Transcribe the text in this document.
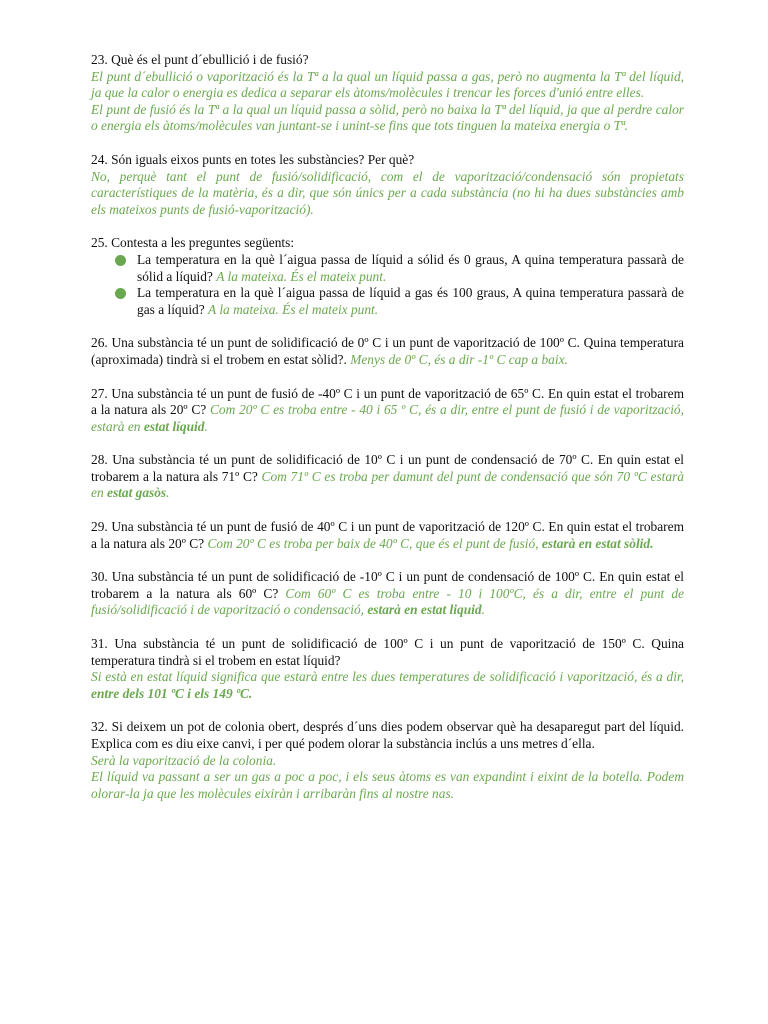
23. Què és el punt d´ebullició i de fusió?

El punt d´ebullició o vaporització és la Tª a la qual un líquid passa a gas, però no augmenta la Tª del líquid, ja que la calor o energia es dedica a separar els àtoms/molècules i trencar les forces d'unió entre elles.

El punt de fusió és la Tª a la qual un líquid passa a sòlid, però no baixa la Tª del líquid, ja que al perdre calor o energia els àtoms/molècules van juntant-se i unint-se fins que tots tinguen la mateixa energia o Tª.

24. Són iguals eixos punts en totes les substàncies? Per què?

No, perquè tant el punt de fusió/solidificació, com el de vaporització/condensació són propietats característiques de la matèria, és a dir, que són únics per a cada substància (no hi ha dues substàncies amb els mateixos punts de fusió-vaporització).

25. Contesta a les preguntes següents:

La temperatura en la què l´aigua passa de líquid a sólid és 0 graus, A quina temperatura passarà de sólid a líquid? A la mateixa. És el mateix punt.
La temperatura en la què l´aigua passa de líquid a gas és 100 graus, A quina temperatura passarà de gas a líquid? A la mateixa. És el mateix punt.

26. Una substància té un punt de solidificació de 0º C i un punt de vaporització de 100º C. Quina temperatura (aproximada) tindrà si el trobem en estat sòlid?. Menys de 0º C, és a dir -1º C cap a baix.

27. Una substància té un punt de fusió de -40º C i un punt de vaporització de 65º C. En quin estat el trobarem a la natura als 20º C? Com 20º C es troba entre - 40 i 65 º C, és a dir, entre el punt de fusió i de vaporització, estarà en estat líquid.

28. Una substància té un punt de solidificació de 10º C i un punt de condensació de 70º C. En quin estat el trobarem a la natura als 71º C? Com 71º C es troba per damunt del punt de condensació que són 70 ºC estarà en estat gasòs.

29. Una substància té un punt de fusió de 40º C i un punt de vaporització de 120º C. En quin estat el trobarem a la natura als 20º C? Com 20º C es troba per baix de 40º C, que és el punt de fusió, estarà en estat sòlid.

30. Una substància té un punt de solidificació de -10º C i un punt de condensació de 100º C. En quin estat el trobarem a la natura als 60º C? Com 60º C es troba entre - 10 i 100ºC, és a dir, entre el punt de fusió/solidificació i de vaporització o condensació, estarà en estat liquid.

31. Una substància té un punt de solidificació de 100º C i un punt de vaporització de 150º C. Quina temperatura tindrà si el trobem en estat líquid?

Si està en estat líquid significa que estarà entre les dues temperatures de solidificació i vaporització, és a dir, entre dels 101 ºC i els 149 ºC.

32. Si deixem un pot de colonia obert, després d´uns dies podem observar què ha desaparegut part del líquid. Explica com es diu eixe canvi, i per qué podem olorar la substància inclús a uns metres d´ella.

Serà la vaporització de la colonia.

El líquid va passant a ser un gas a poc a poc, i els seus àtoms es van expandint i eixint de la botella. Podem olorar-la ja que les molècules eixiràn i arribaràn fins al nostre nas.
